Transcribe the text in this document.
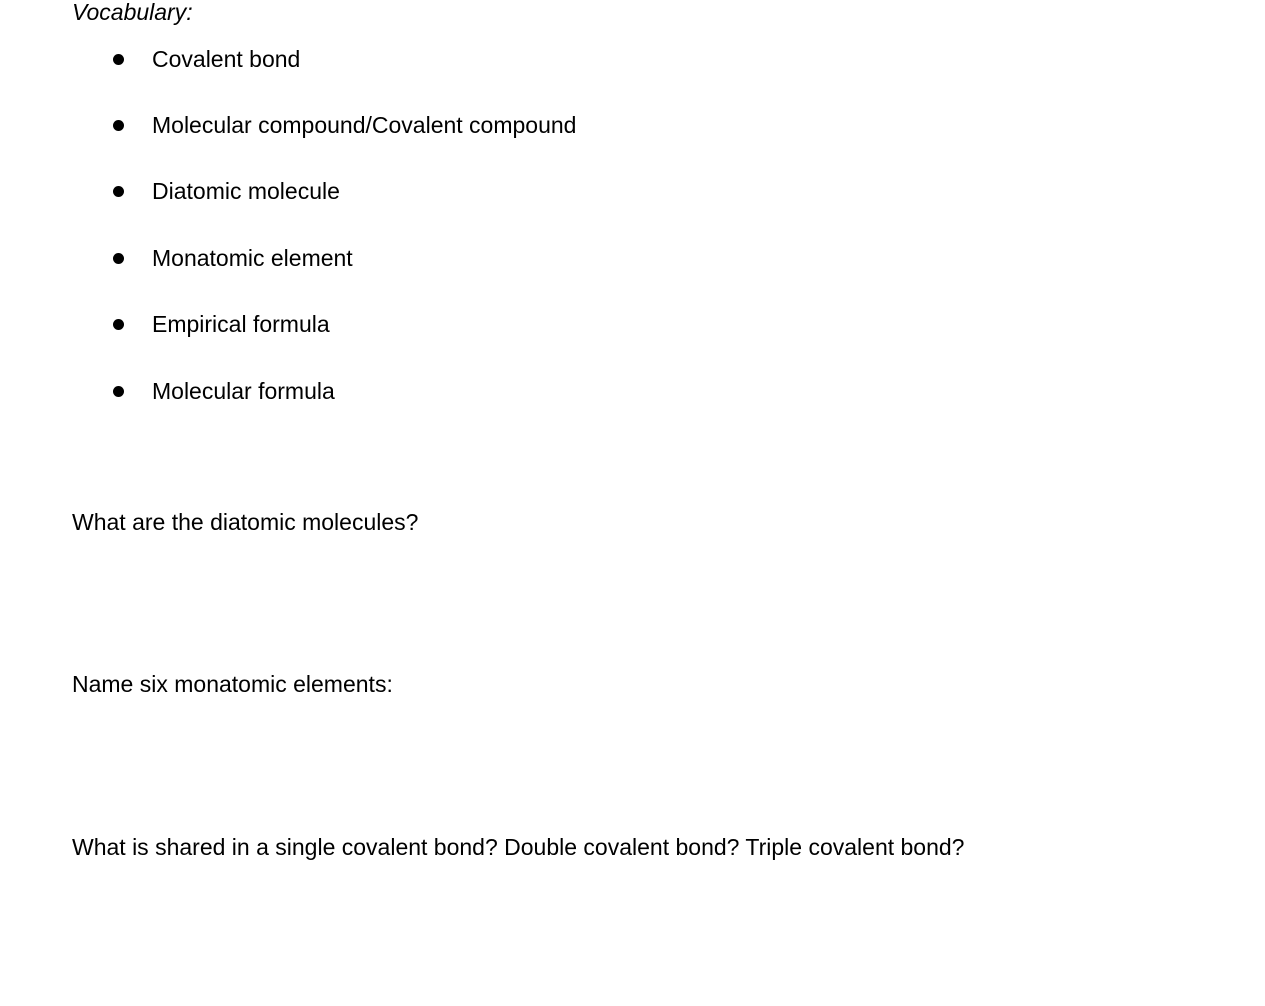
Vocabulary:
Covalent bond
Molecular compound/Covalent compound
Diatomic molecule
Monatomic element
Empirical formula
Molecular formula
What are the diatomic molecules?
Name six monatomic elements:
What is shared in a single covalent bond? Double covalent bond? Triple covalent bond?
